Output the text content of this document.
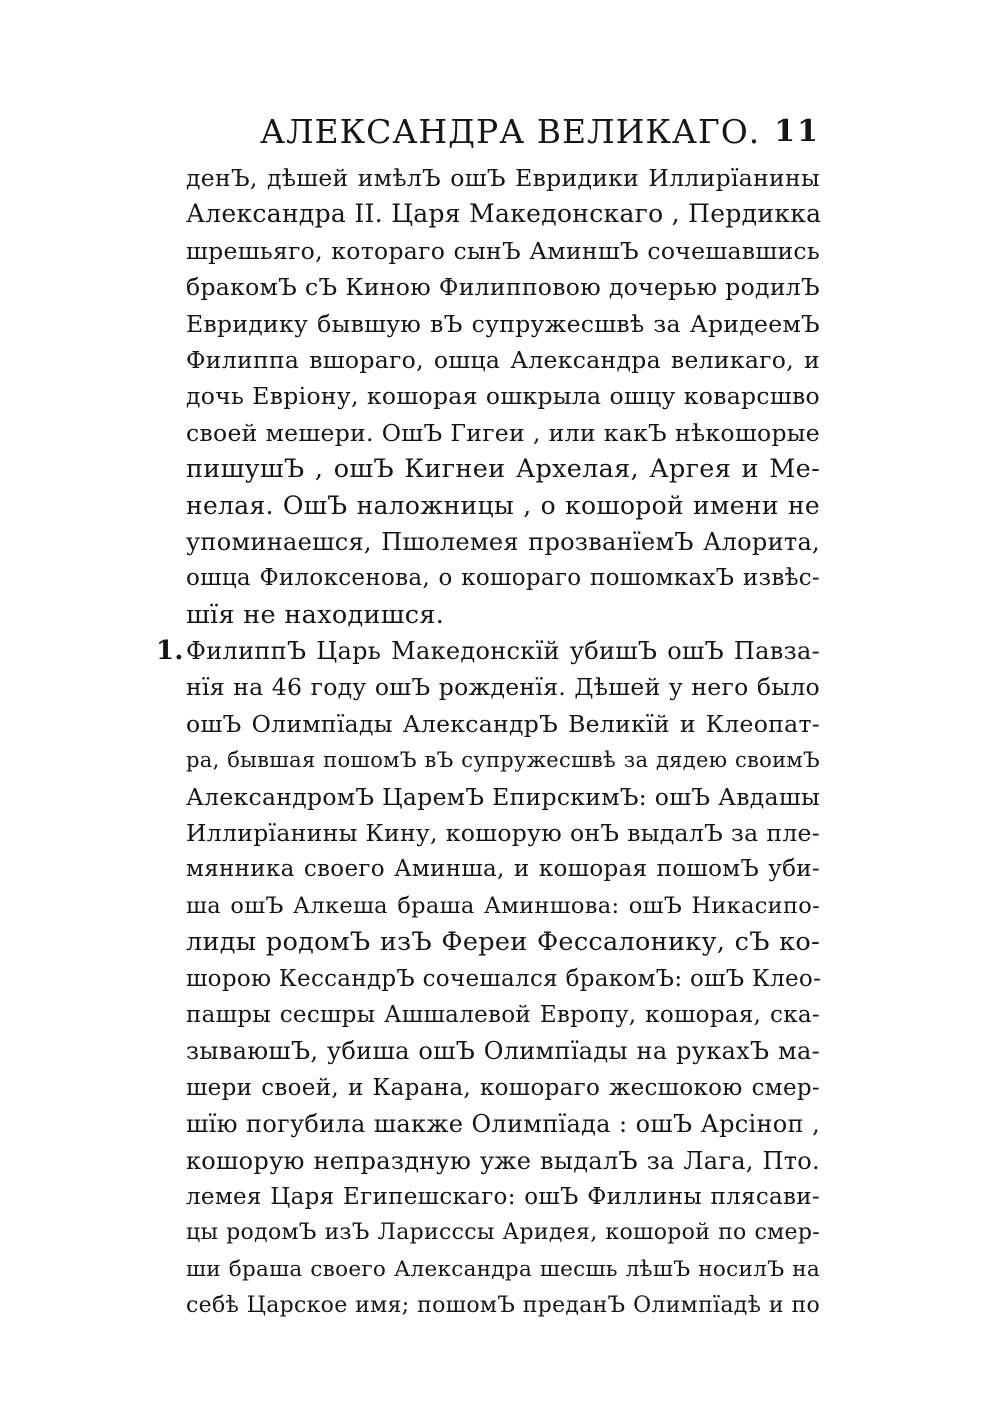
АЛЕКСАНДРА ВЕЛИКАГО. 11
денЪ, дѣшей имѣлЪ ошЪ Евридики Иллирїанины
Александра II. Царя Македонскаго , Пердикка
шрешьяго, котораго сынЪ АминшЪ сочешавшись
бракомЪ сЪ Киною Филипповою дочерью родилЪ
Евридику бывшую вЪ супружесшвѣ за АридеемЪ
Филиппа вшораго, ошца Александра великаго, и
дочь Евріону, кошорая ошкрыла ошцу коварсшво
своей мешери. ОшЪ Гигеи , или какЪ нѣкошорые
пишушЪ , ошЪ Кигнеи Архелая, Аргея и Ме-
нелая. ОшЪ наложницы , о кошорой имени не
упоминаешся, Пшолемея прозванїемЪ Алорита,
ошца Филоксенова, о кошораго пошомкахЪ извѣс-
шїя не находишся.
1. ФилиппЪ Царь Македонскїй убишЪ ошЪ Павза-
нїя на 46 году ошЪ рожденїя. Дѣшей у него было
ошЪ Олимпїады АлександрЪ Великїй и Клеопат-
ра, бывшая пошомЪ вЪ супружесшвѣ за дядею своимЪ
АлександромЪ ЦаремЪ ЕпирскимЪ: ошЪ Авдашы
Иллирїанины Кину, кошорую онЪ выдалЪ за пле-
мянника своего Аминша, и кошорая пошомЪ уби-
ша ошЪ Алкеша браша Аминшова: ошЪ Никасипо-
лиды родомЪ изЪ Фереи Фессалонику, сЪ ко-
шорою КессандрЪ сочешался бракомЪ: ошЪ Клео-
пашры сесшры Ашшалевой Европу, кошорая, ска-
зываюшЪ, убиша ошЪ Олимпїады на рукахЪ ма-
шери своей, и Карана, кошораго жесшокою смер-
шїю погубила шакже Олимпїада : ошЪ Арсіноп ,
кошорую непраздную уже выдалЪ за Лага, Пто.
лемея Царя Египешскаго: ошЪ Филлины плясави-
цы родомЪ изЪ Ларисссы Аридея, кошорой по смер-
ши браша своего Александра шесшь лѣшЪ носилЪ на
себѣ Царское имя; пошомЪ преданЪ Олимпїадѣ и по
